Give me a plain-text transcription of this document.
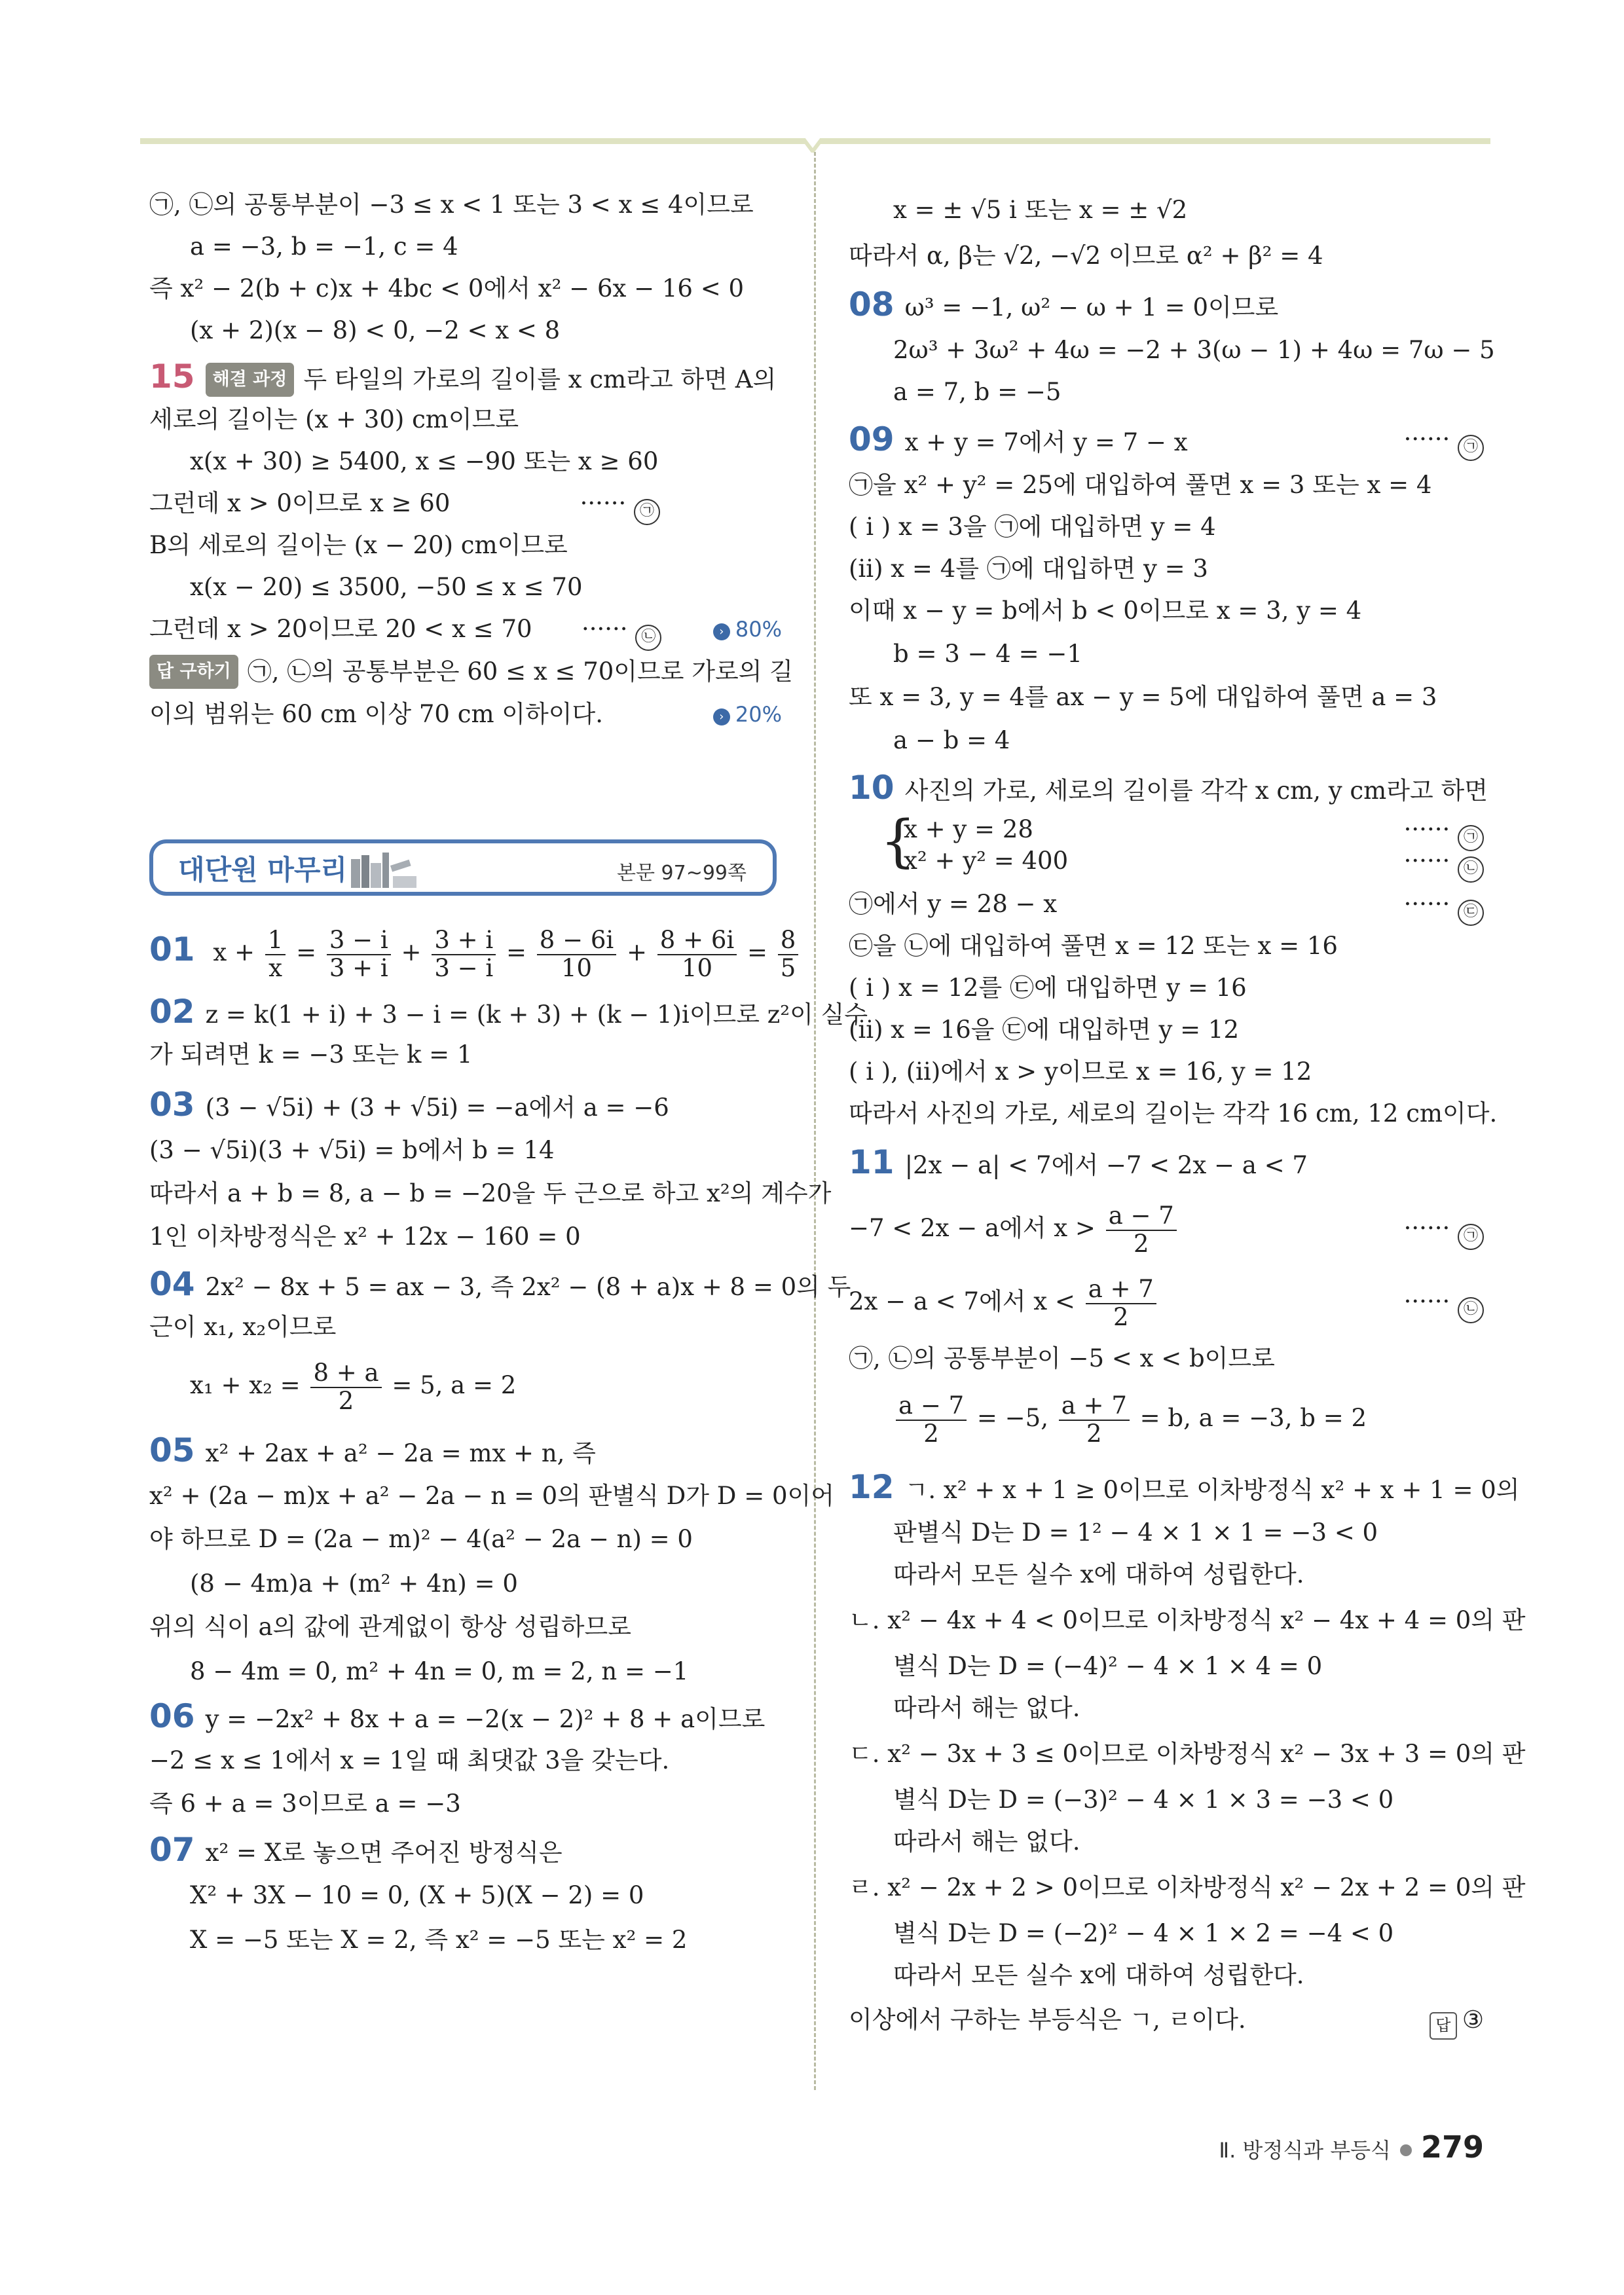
㉠, ㉡의 공통부분이 −3 ≤ x < 1 또는 3 < x ≤ 4이므로
a = −3, b = −1, c = 4
즉 x² − 2(b + c)x + 4bc < 0에서 x² − 6x − 16 < 0
(x + 2)(x − 8) < 0, −2 < x < 8
15 해결 과정 두 타일의 가로의 길이를 x cm라고 하면 A의
세로의 길이는 (x + 30) cm이므로
x(x + 30) ≥ 5400, x ≤ −90 또는 x ≥ 60
그런데 x > 0이므로 x ≥ 60	······ ㉠
B의 세로의 길이는 (x − 20) cm이므로
x(x − 20) ≤ 3500, −50 ≤ x ≤ 70
그런데 x > 20이므로 20 < x ≤ 70 ······ ㉡	› 80%
답 구하기 ㉠, ㉡의 공통부분은 60 ≤ x ≤ 70이므로 가로의 길
이의 범위는 60 cm 이상 70 cm 이하이다.	› 20%
대단원 마무리	본문 97~99쪽
01 $x + \frac{1}{x} = \frac{3 - i}{3 + i} + \frac{3 + i}{3 - i} = \frac{8 - 6i}{10} + \frac{8 + 6i}{10} = \frac{8}{5}$
02 z = k(1 + i) + 3 − i = (k + 3) + (k − 1)i이므로 z²이 실수
가 되려면 k = −3 또는 k = 1
03 (3 − √5i) + (3 + √5i) = −a에서 a = −6
(3 − √5i)(3 + √5i) = b에서 b = 14
따라서 a + b = 8, a − b = −20을 두 근으로 하고 x²의 계수가
1인 이차방정식은 x² + 12x − 160 = 0
04 2x² − 8x + 5 = ax − 3, 즉 2x² − (8 + a)x + 8 = 0의 두
근이 x₁, x₂이므로
$x_1 + x_2 = \frac{8 + a}{2} = 5$, a = 2
05 x² + 2ax + a² − 2a = mx + n, 즉
x² + (2a − m)x + a² − 2a − n = 0의 판별식 D가 D = 0이어
야 하므로 D = (2a − m)² − 4(a² − 2a − n) = 0
(8 − 4m)a + (m² + 4n) = 0
위의 식이 a의 값에 관계없이 항상 성립하므로
8 − 4m = 0, m² + 4n = 0, m = 2, n = −1
06 y = −2x² + 8x + a = −2(x − 2)² + 8 + a이므로
−2 ≤ x ≤ 1에서 x = 1일 때 최댓값 3을 갖는다.
즉 6 + a = 3이므로 a = −3
07 x² = X로 놓으면 주어진 방정식은
X² + 3X − 10 = 0, (X + 5)(X − 2) = 0
X = −5 또는 X = 2, 즉 x² = −5 또는 x² = 2
x = ± √5 i 또는 x = ± √2
따라서 α, β는 √2, −√2 이므로 α² + β² = 4
08 ω³ = −1, ω² − ω + 1 = 0이므로
2ω³ + 3ω² + 4ω = −2 + 3(ω − 1) + 4ω = 7ω − 5
a = 7, b = −5
09 x + y = 7에서 y = 7 − x	······ ㉠
㉠을 x² + y² = 25에 대입하여 풀면 x = 3 또는 x = 4
( i ) x = 3을 ㉠에 대입하면 y = 4
(ii) x = 4를 ㉠에 대입하면 y = 3
이때 x − y = b에서 b < 0이므로 x = 3, y = 4
b = 3 − 4 = −1
또 x = 3, y = 4를 ax − y = 5에 대입하여 풀면 a = 3
a − b = 4
10 사진의 가로, 세로의 길이를 각각 x cm, y cm라고 하면
{
x + y = 28
x² + y² = 400
······ ㉠
······ ㉡
㉠에서 y = 28 − x	······ ㉢
㉢을 ㉡에 대입하여 풀면 x = 12 또는 x = 16
( i ) x = 12를 ㉢에 대입하면 y = 16
(ii) x = 16을 ㉢에 대입하면 y = 12
( i ), (ii)에서 x > y이므로 x = 16, y = 12
따라서 사진의 가로, 세로의 길이는 각각 16 cm, 12 cm이다.
11 |2x − a| < 7에서 −7 < 2x − a < 7
−7 < 2x − a에서 $x > \frac{a - 7}{2}$	······ ㉠
2x − a < 7에서 $x < \frac{a + 7}{2}$	······ ㉡
㉠, ㉡의 공통부분이 −5 < x < b이므로
$\frac{a - 7}{2} = -5$, $\frac{a + 7}{2} = b$, a = −3, b = 2
12 ㄱ. x² + x + 1 ≥ 0이므로 이차방정식 x² + x + 1 = 0의
판별식 D는 D = 1² − 4 × 1 × 1 = −3 < 0
따라서 모든 실수 x에 대하여 성립한다.
ㄴ. x² − 4x + 4 < 0이므로 이차방정식 x² − 4x + 4 = 0의 판
별식 D는 D = (−4)² − 4 × 1 × 4 = 0
따라서 해는 없다.
ㄷ. x² − 3x + 3 ≤ 0이므로 이차방정식 x² − 3x + 3 = 0의 판
별식 D는 D = (−3)² − 4 × 1 × 3 = −3 < 0
따라서 해는 없다.
ㄹ. x² − 2x + 2 > 0이므로 이차방정식 x² − 2x + 2 = 0의 판
별식 D는 D = (−2)² − 4 × 1 × 2 = −4 < 0
따라서 모든 실수 x에 대하여 성립한다.
이상에서 구하는 부등식은 ㄱ, ㄹ이다.	답 ③
Ⅱ. 방정식과 부등식 279
